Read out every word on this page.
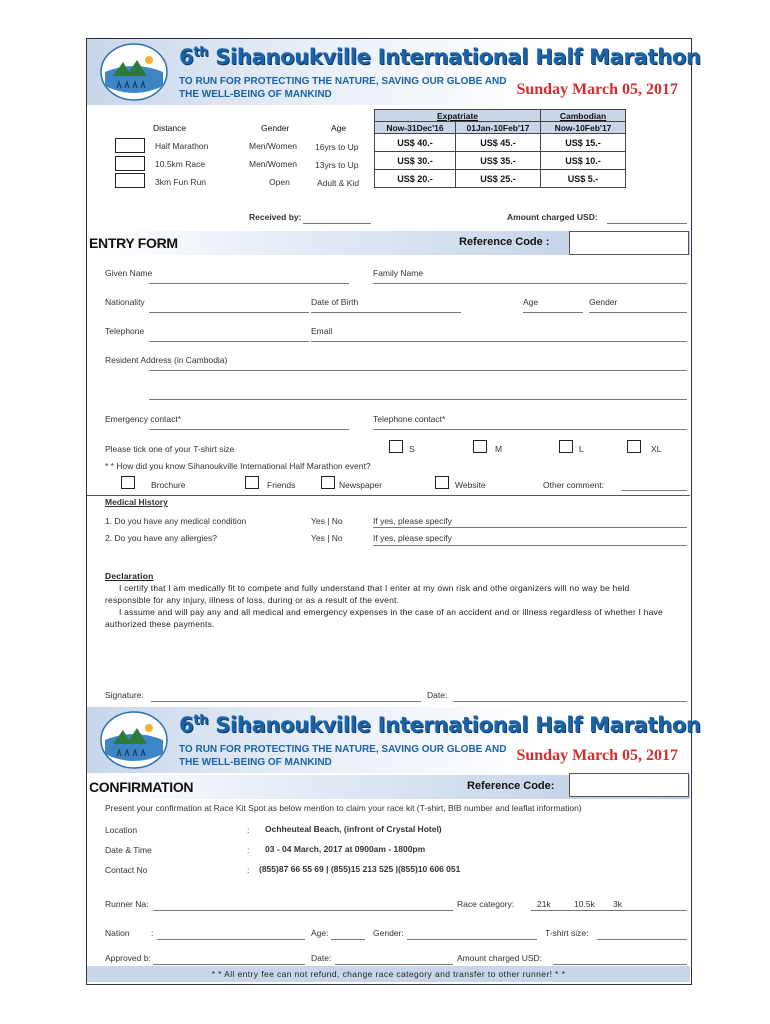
6th Sihanoukville International Half Marathon
TO RUN FOR PROTECTING THE NATURE, SAVING OUR GLOBE AND
THE WELL-BEING OF MANKIND	Sunday March 05, 2017
Distance	Gender	Age
Half Marathon	Men/Women 16yrs to Up
10.5km Race	Men/Women 13yrs to Up
3km Fun Run	Open	Adult & Kid
Expatriate		Cambodian
Now-31Dec'16	01Jan-10Feb'17	Now-10Feb'17
US$ 40.-	US$ 45.-	US$ 15.-
US$ 30.-	US$ 35.-	US$ 10.-
US$ 20.-	US$ 25.-	US$ 5.-
Received by:	Amount charged USD:
ENTRY FORM	Reference Code :
Given Name	Family Name
Nationality	Date of Birth	Age	Gender
Telephone	Email
Resident Address (in Cambodia)
Emergency contact*	Telephone contact*
Please tick one of your T-shirt size	S	M	L	XL
* * How did you know Sihanoukville International Half Marathon event?
Brochure	Friends	Newspaper	Website	Other comment:
Medical History
1. Do you have any medical condition	Yes | No	If yes, please specify
2. Do you have any allergies?	Yes | No	If yes, please specify
Declaration

I certify that I am medically fit to compete and fully understand that I enter at my own risk and othe organizers will no way be held responsible for any injury, illness of loss, during or as a result of the event.

I assume and will pay any and all medical and emergency expenses in the case of an accident and or illness regardless of whether I have authorized these payments.

Signature:	Date:
6th Sihanoukville International Half Marathon
TO RUN FOR PROTECTING THE NATURE, SAVING OUR GLOBE AND
THE WELL-BEING OF MANKIND	Sunday March 05, 2017
CONFIRMATION	Reference Code:
Present your confirmation at Race Kit Spot as below mention to claim your race kit (T-shirt, BIB number and leaflat information)
Location	: Ochheuteal Beach, (infront of Crystal Hotel)
Date & Time	: 03 - 04 March, 2017 at 0900am - 1800pm
Contact No	: (855)87 66 55 69 | (855)15 213 525 |(855)10 606 051
Runner Na:	Race category:	21k	10.5k 3k
Nation	:	Age:	Gender:	T-shirt size:
Approved b:	Date:	Amount charged USD:
* * All entry fee can not refund, change race category and transfer to other runner! * *
